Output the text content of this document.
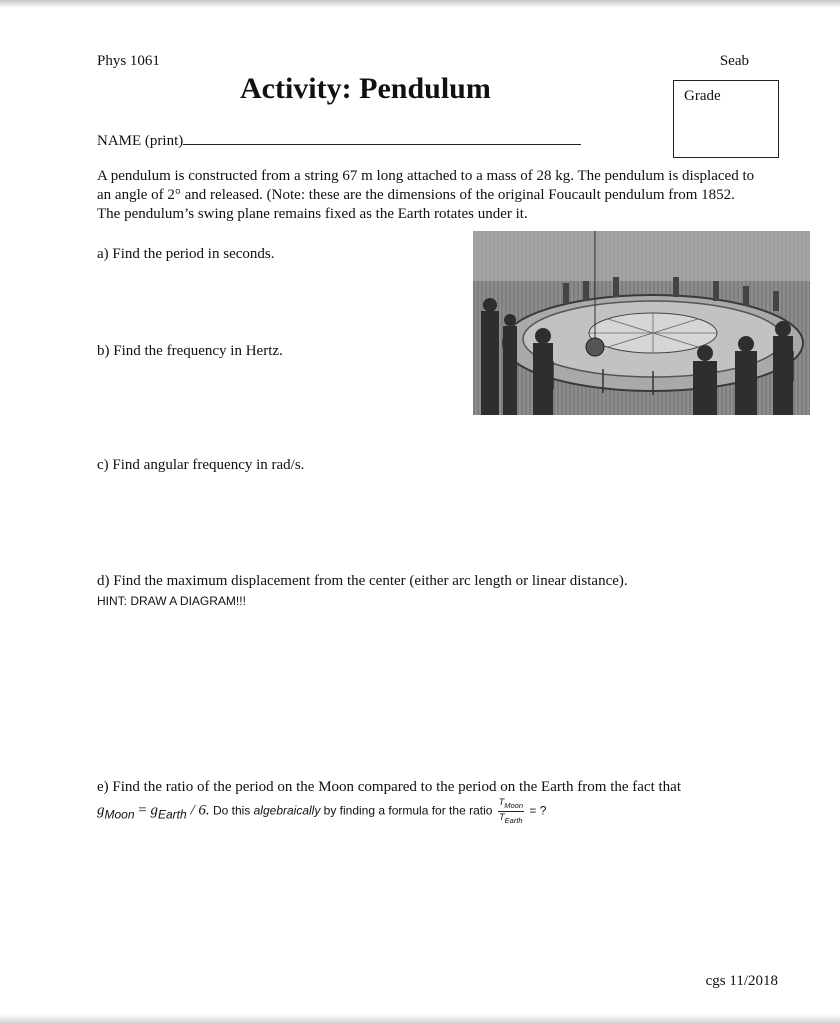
Phys 1061	Seab
Activity: Pendulum	Grade
NAME (print)
A pendulum is constructed from a string 67 m long attached to a mass of 28 kg. The pendulum is displaced to an angle of 2° and released. (Note: these are the dimensions of the original Foucault pendulum from 1852. The pendulum’s swing plane remains fixed as the Earth rotates under it.
a) Find the period in seconds.
b) Find the frequency in Hertz.
c) Find angular frequency in rad/s.
d) Find the maximum displacement from the center (either arc length or linear distance).
HINT: DRAW A DIAGRAM!!!
e) Find the ratio of the period on the Moon compared to the period on the Earth from the fact that
$g_{Moon} = g_{Earth} / 6$. Do this algebraically by finding a formula for the ratio $\frac{T_{Moon}}{T_{Earth}}$ = ?
cgs 11/2018
